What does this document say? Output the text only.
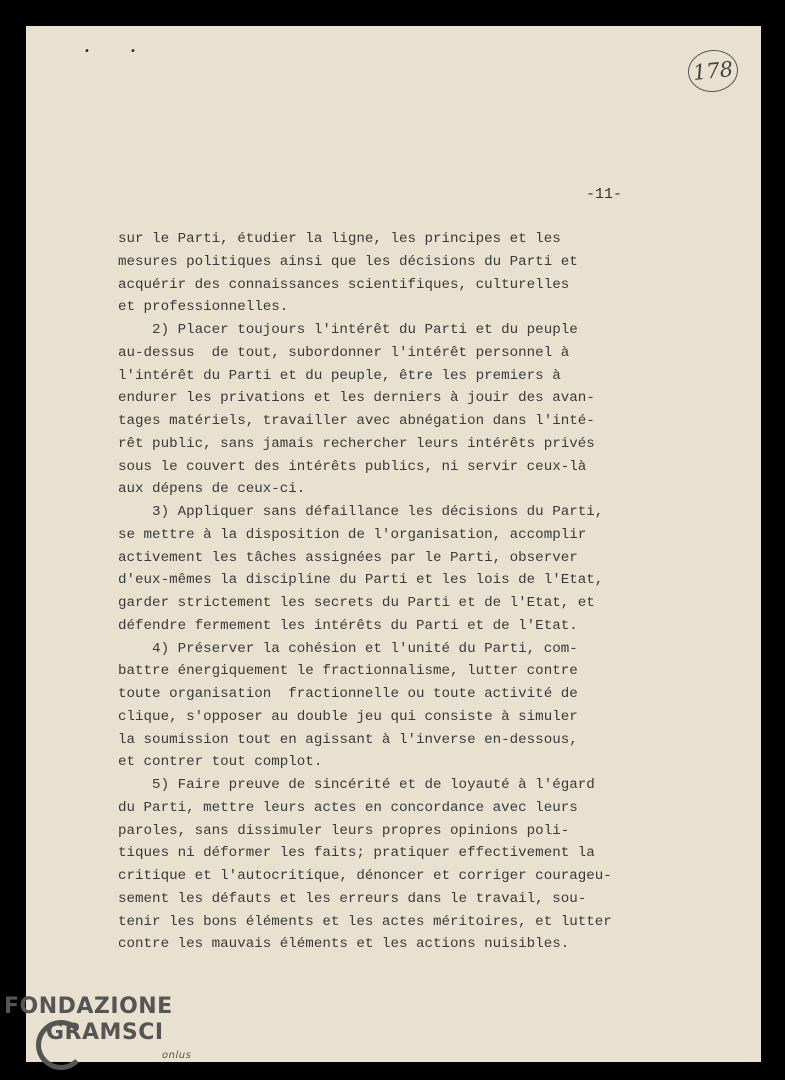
•	•
178
-11-
sur le Parti, étudier la ligne, les principes et les
mesures politiques ainsi que les décisions du Parti et
acquérir des connaissances scientifiques, culturelles
et professionnelles.
2) Placer toujours l'intérêt du Parti et du peuple
au-dessus  de tout, subordonner l'intérêt personnel à
l'intérêt du Parti et du peuple, être les premiers à
endurer les privations et les derniers à jouir des avan-
tages matériels, travailler avec abnégation dans l'inté-
rêt public, sans jamais rechercher leurs intérêts privés
sous le couvert des intérêts publics, ni servir ceux-là
aux dépens de ceux-ci.
3) Appliquer sans défaillance les décisions du Parti,
se mettre à la disposition de l'organisation, accomplir
activement les tâches assignées par le Parti, observer
d'eux-mêmes la discipline du Parti et les lois de l'Etat,
garder strictement les secrets du Parti et de l'Etat, et
défendre fermement les intérêts du Parti et de l'Etat.
4) Préserver la cohésion et l'unité du Parti, com-
battre énergiquement le fractionnalisme, lutter contre
toute organisation  fractionnelle ou toute activité de
clique, s'opposer au double jeu qui consiste à simuler
la soumission tout en agissant à l'inverse en-dessous,
et contrer tout complot.
5) Faire preuve de sincérité et de loyauté à l'égard
du Parti, mettre leurs actes en concordance avec leurs
paroles, sans dissimuler leurs propres opinions poli-
tiques ni déformer les faits; pratiquer effectivement la
critique et l'autocritique, dénoncer et corriger courageu-
sement les défauts et les erreurs dans le travail, sou-
tenir les bons éléments et les actes méritoires, et lutter
contre les mauvais éléments et les actions nuisibles.
FONDAZIONE
GRAMSCI
onlus
